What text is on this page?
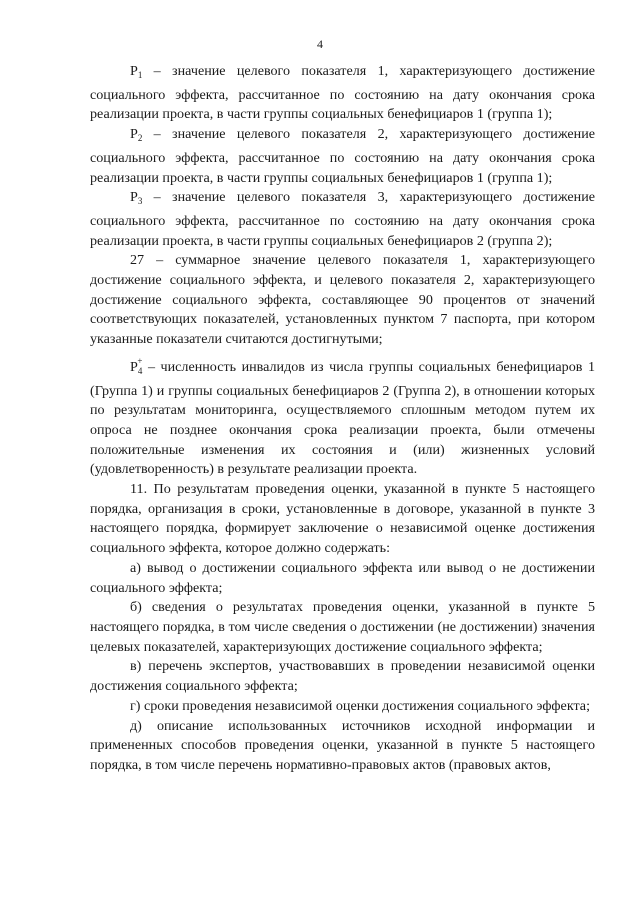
4

$P_1$ – значение целевого показателя 1, характеризующего достижение социального эффекта, рассчитанное по состоянию на дату окончания срока реализации проекта, в части группы социальных бенефициаров 1 (группа 1);

$P_2$ – значение целевого показателя 2, характеризующего достижение социального эффекта, рассчитанное по состоянию на дату окончания срока реализации проекта, в части группы социальных бенефициаров 1 (группа 1);

$P_3$ – значение целевого показателя 3, характеризующего достижение социального эффекта, рассчитанное по состоянию на дату окончания срока реализации проекта, в части группы социальных бенефициаров 2 (группа 2);

27 – суммарное значение целевого показателя 1, характеризующего достижение социального эффекта, и целевого показателя 2, характеризующего достижение социального эффекта, составляющее 90 процентов от значений соответствующих показателей, установленных пунктом 7 паспорта, при котором указанные показатели считаются достигнутыми;

$P_4^+$ – численность инвалидов из числа группы социальных бенефициаров 1 (Группа 1) и группы социальных бенефициаров 2 (Группа 2), в отношении которых по результатам мониторинга, осуществляемого сплошным методом путем их опроса не позднее окончания срока реализации проекта, были отмечены положительные изменения их состояния и (или) жизненных условий (удовлетворенность) в результате реализации проекта.

11. По результатам проведения оценки, указанной в пункте 5 настоящего порядка, организация в сроки, установленные в договоре, указанной в пункте 3 настоящего порядка, формирует заключение о независимой оценке достижения социального эффекта, которое должно содержать:

а) вывод о достижении социального эффекта или вывод о не достижении социального эффекта;

б) сведения о результатах проведения оценки, указанной в пункте 5 настоящего порядка, в том числе сведения о достижении (не достижении) значения целевых показателей, характеризующих достижение социального эффекта;

в) перечень экспертов, участвовавших в проведении независимой оценки достижения социального эффекта;

г) сроки проведения независимой оценки достижения социального эффекта;

д) описание использованных источников исходной информации и примененных способов проведения оценки, указанной в пункте 5 настоящего порядка, в том числе перечень нормативно-правовых актов (правовых актов,
